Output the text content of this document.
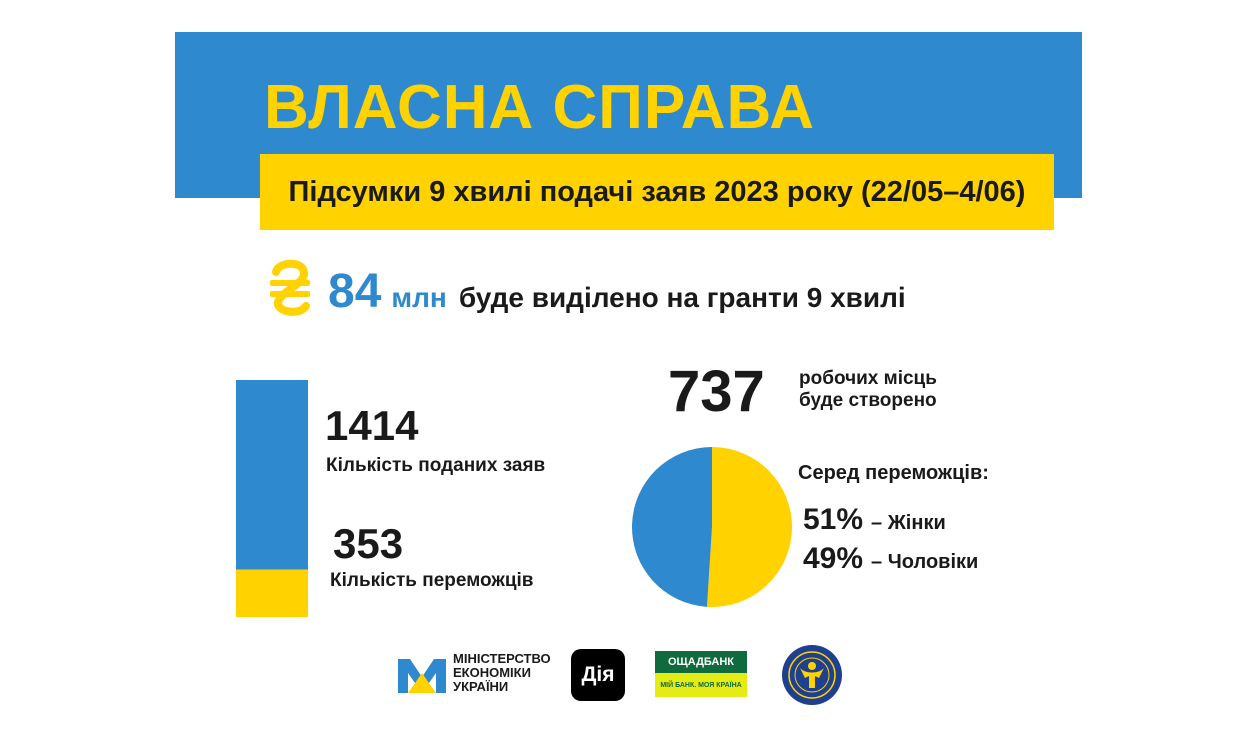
ВЛАСНА СПРАВА
Підсумки 9 хвилі подачі заяв 2023 року (22/05–4/06)
84 млн буде виділено на гранти 9 хвилі
1414
Кількість поданих заяв
353
Кількість переможців
737 робочих місць
буде створено
Серед переможців:
51% – Жінки
49% – Чоловіки
МІНІСТЕРСТВО
ЕКОНОМІКИ
УКРАЇНИ
Дія
ОЩАДБАНК
МІЙ БАНК. МОЯ КРАЇНА
